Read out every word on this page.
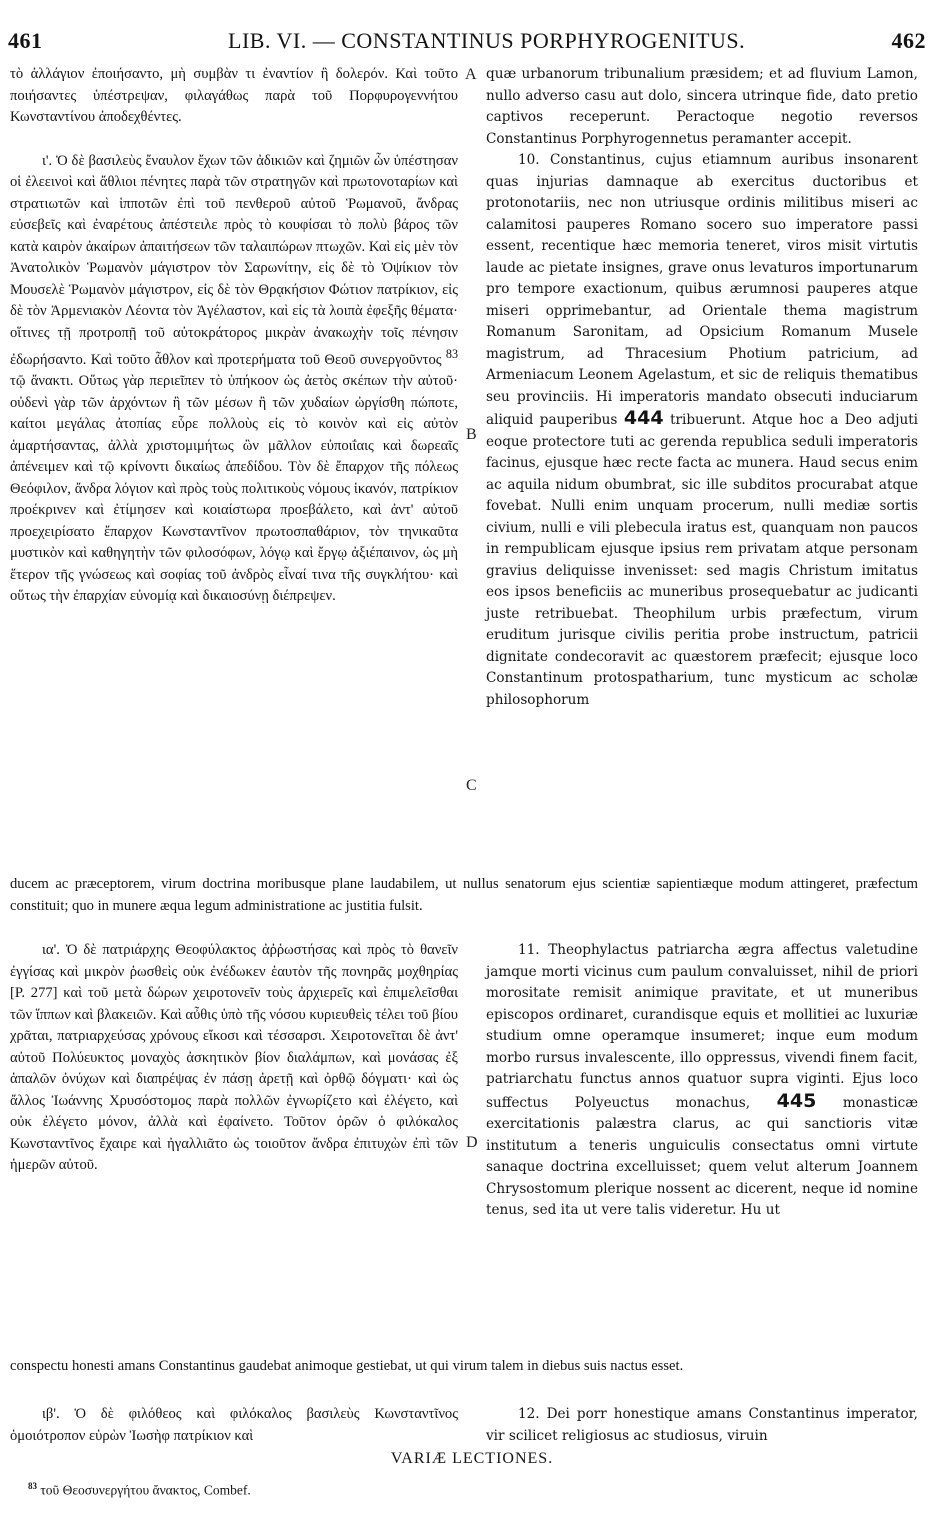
461	LIB. VI. — CONSTANTINUS PORPHYROGENITUS.	462
A
B
C
D

τὸ ἀλλάγιον ἐποιήσαντο, μὴ συμβὰν τι ἐναντίον ἢ δολερόν. Καὶ τοῦτο ποιήσαντες ὑπέστρεψαν, φιλαγάθως παρὰ τοῦ Πορφυρογεννήτου Κωνσταντίνου ἀποδεχθέντες.

ι'. Ὁ δὲ βασιλεὺς ἔναυλον ἔχων τῶν ἀδικιῶν καὶ ζημιῶν ὧν ὑπέστησαν οἱ ἐλεεινοὶ καὶ ἄθλιοι πένητες παρὰ τῶν στρατηγῶν καὶ πρωτονοταρίων καὶ στρατιωτῶν καὶ ἱπποτῶν ἐπὶ τοῦ πενθεροῦ αὐτοῦ Ῥωμανοῦ, ἄνδρας εὐσεβεῖς καὶ ἐναρέτους ἀπέστειλε πρὸς τὸ κουφίσαι τὸ πολὺ βάρος τῶν κατὰ καιρὸν ἀκαίρων ἀπαιτήσεων τῶν ταλαιπώρων πτωχῶν. Καὶ εἰς μὲν τὸν Ἀνατολικὸν Ῥωμανὸν μάγιστρον τὸν Σαρωνίτην, εἰς δὲ τὸ Ὀψίκιον τὸν Μουσελὲ Ῥωμανὸν μάγιστρον, εἰς δὲ τὸν Θρᾳκήσιον Φώτιον πατρίκιον, εἰς δὲ τὸν Ἀρμενιακὸν Λέοντα τὸν Ἀγέλαστον, καὶ εἰς τὰ λοιπὰ ἐφεξῆς θέματα· οἵτινες τῇ προτροπῇ τοῦ αὐτοκράτορος μικρὰν ἀνακωχὴν τοῖς πένησιν ἐδωρήσαντο. Καὶ τοῦτο ἆθλον καὶ προτερήματα τοῦ Θεοῦ συνεργοῦντος $^{83}$ τῷ ἄνακτι. Οὕτως γὰρ περιεῖπεν τὸ ὑπήκοον ὡς ἀετὸς σκέπων τὴν αὐτοῦ· οὐδενὶ γὰρ τῶν ἀρχόντων ἢ τῶν μέσων ἢ τῶν χυδαίων ὠργίσθη πώποτε, καίτοι μεγάλας ἀτοπίας εὗρε πολλοὺς εἰς τὸ κοινὸν καὶ εἰς αὐτὸν ἁμαρτήσαντας, ἀλλὰ χριστομιμήτως ὢν μᾶλλον εὐποιΐαις καὶ δωρεαῖς ἀπένειμεν καὶ τῷ κρίνοντι δικαίως ἀπεδίδου. Τὸν δὲ ἔπαρχον τῆς πόλεως Θεόφιλον, ἄνδρα λόγιον καὶ πρὸς τοὺς πολιτικοὺς νόμους ἱκανόν, πατρίκιον προέκρινεν καὶ ἐτίμησεν καὶ κοιαίστωρα προεβάλετο, καὶ ἀντ' αὐτοῦ προεχειρίσατο ἔπαρχον Κωνσταντῖνον πρωτοσπαθάριον, τὸν τηνικαῦτα μυστικὸν καὶ καθηγητὴν τῶν φιλοσόφων, λόγῳ καὶ ἔργῳ ἀξιέπαινον, ὡς μὴ ἕτερον τῆς γνώσεως καὶ σοφίας τοῦ ἀνδρὸς εἶναί τινα τῆς συγκλήτου· καὶ οὕτως τὴν ἐπαρχίαν εὐνομίᾳ καὶ δικαιοσύνῃ διέπρεψεν.

quæ urbanorum tribunalium præsidem; et ad fluvium Lamon, nullo adverso casu aut dolo, sincera utrinque fide, dato pretio captivos receperunt. Peractoque negotio reversos Constantinus Porphyrogennetus peramanter accepit.

10. Constantinus, cujus etiamnum auribus insonarent quas injurias damnaque ab exercitus ductoribus et protonotariis, nec non utriusque ordinis militibus miseri ac calamitosi pauperes Romano socero suo imperatore passi essent, recentique hæc memoria teneret, viros misit virtutis laude ac pietate insignes, grave onus levaturos importunarum pro tempore exactionum, quibus ærumnosi pauperes atque miseri opprimebantur, ad Orientale thema magistrum Romanum Saronitam, ad Opsicium Romanum Musele magistrum, ad Thracesium Photium patricium, ad Armeniacum Leonem Agelastum, et sic de reliquis thematibus seu provinciis. Hi imperatoris mandato obsecuti induciarum aliquid pauperibus 444 tribuerunt. Atque hoc a Deo adjuti eoque protectore tuti ac gerenda republica seduli imperatoris facinus, ejusque hæc recte facta ac munera. Haud secus enim ac aquila nidum obumbrat, sic ille subditos procurabat atque fovebat. Nulli enim unquam procerum, nulli mediæ sortis civium, nulli e vili plebecula iratus est, quanquam non paucos in rempublicam ejusque ipsius rem privatam atque personam gravius deliquisse invenisset: sed magis Christum imitatus eos ipsos beneficiis ac muneribus prosequebatur ac judicanti juste retribuebat. Theophilum urbis præfectum, virum eruditum jurisque civilis peritia probe instructum, patricii dignitate condecoravit ac quæstorem præfecit; ejusque loco Constantinum protospatharium, tunc mysticum ac scholæ philosophorum

ducem ac præceptorem, virum doctrina moribusque plane laudabilem, ut nullus senatorum ejus scientiæ sapientiæque modum attingeret, præfectum constituit; quo in munere æqua legum administratione ac justitia fulsit.

ια'. Ὁ δὲ πατριάρχης Θεοφύλακτος ἀῤῥωστήσας καὶ πρὸς τὸ θανεῖν ἐγγίσας καὶ μικρὸν ῥωσθεὶς οὐκ ἐνέδωκεν ἑαυτὸν τῆς πονηρᾶς μοχθηρίας [P. 277] καὶ τοῦ μετὰ δώρων χειροτονεῖν τοὺς ἀρχιερεῖς καὶ ἐπιμελεῖσθαι τῶν ἵππων καὶ βλακειῶν. Καὶ αὖθις ὑπὸ τῆς νόσου κυριευθεὶς τέλει τοῦ βίου χρᾶται, πατριαρχεύσας χρόνους εἴκοσι καὶ τέσσαρσι. Χειροτονεῖται δὲ ἀντ' αὐτοῦ Πολύευκτος μοναχὸς ἀσκητικὸν βίον διαλάμπων, καὶ μονάσας ἐξ ἁπαλῶν ὀνύχων καὶ διαπρέψας ἐν πάσῃ ἀρετῇ καὶ ὀρθῷ δόγματι· καὶ ὡς ἄλλος Ἰωάννης Χρυσόστομος παρὰ πολλῶν ἐγνωρίζετο καὶ ἐλέγετο, καὶ οὐκ ἐλέγετο μόνον, ἀλλὰ καὶ ἐφαίνετο. Τοῦτον ὁρῶν ὁ φιλόκαλος Κωνσταντῖνος ἔχαιρε καὶ ἠγαλλιᾶτο ὡς τοιοῦτον ἄνδρα ἐπιτυχὼν ἐπὶ τῶν ἡμερῶν αὐτοῦ.

11. Theophylactus patriarcha ægra affectus valetudine jamque morti vicinus cum paulum convaluisset, nihil de priori morositate remisit animique pravitate, et ut muneribus episcopos ordinaret, curandisque equis et mollitiei ac luxuriæ studium omne operamque insumeret; inque eum modum morbo rursus invalescente, illo oppressus, vivendi finem facit, patriarchatu functus annos quatuor supra viginti. Ejus loco suffectus Polyeuctus monachus, 445 monasticæ exercitationis palæstra clarus, ac qui sanctioris vitæ institutum a teneris unguiculis consectatus omni virtute sanaque doctrina excelluisset; quem velut alterum Joannem Chrysostomum plerique nossent ac dicerent, neque id nomine tenus, sed ita ut vere talis videretur. Hu ut

conspectu honesti amans Constantinus gaudebat animoque gestiebat, ut qui virum talem in diebus suis nactus esset.

ιβ'. Ὁ δὲ φιλόθεος καὶ φιλόκαλος βασιλεὺς Κωνσταντῖνος ὁμοιότροπον εὑρὼν Ἰωσὴφ πατρίκιον καὶ

12. Dei porr honestique amans Constantinus imperator, vir scilicet religiosus ac studiosus, viruin

VARIÆ LECTIONES.
$^{83}$ τοῦ Θεοσυνεργήτου ἄνακτος, Combef.
